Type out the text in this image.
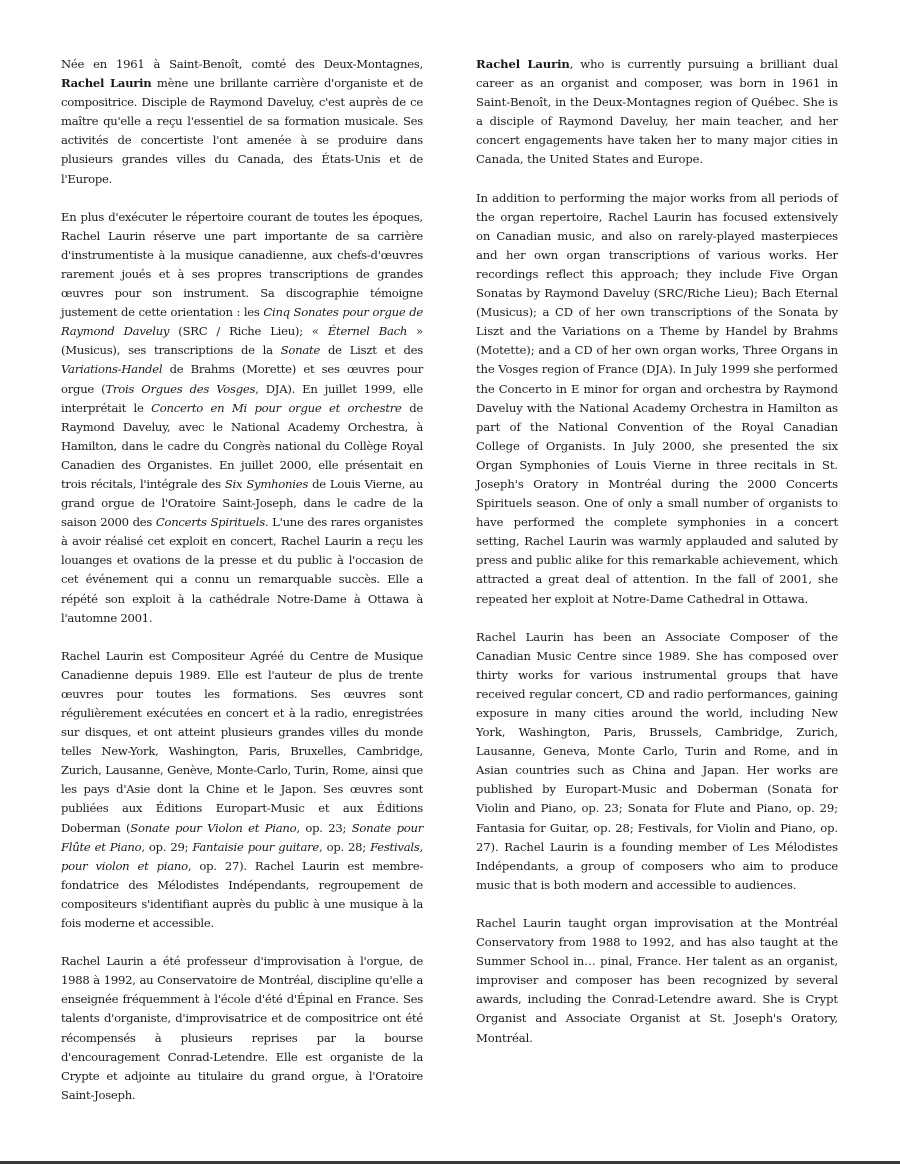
Née en 1961 à Saint-Benoît, comté des Deux-Montagnes, Rachel Laurin mène une brillante carrière d'organiste et de compositrice. Disciple de Raymond Daveluy, c'est auprès de ce maître qu'elle a reçu l'essentiel de sa formation musicale. Ses activités de concertiste l'ont amenée à se produire dans plusieurs grandes villes du Canada, des États-Unis et de l'Europe.

En plus d'exécuter le répertoire courant de toutes les époques, Rachel Laurin réserve une part importante de sa carrière d'instrumentiste à la musique canadienne, aux chefs-d'œuvres rarement joués et à ses propres transcriptions de grandes œuvres pour son instrument. Sa discographie témoigne justement de cette orientation : les Cinq Sonates pour orgue de Raymond Daveluy (SRC / Riche Lieu); « Éternel Bach » (Musicus), ses transcriptions de la Sonate de Liszt et des Variations-Handel de Brahms (Morette) et ses œuvres pour orgue (Trois Orgues des Vosges, DJA). En juillet 1999, elle interprétait le Concerto en Mi pour orgue et orchestre de Raymond Daveluy, avec le National Academy Orchestra, à Hamilton, dans le cadre du Congrès national du Collège Royal Canadien des Organistes. En juillet 2000, elle présentait en trois récitals, l'intégrale des Six Symhonies de Louis Vierne, au grand orgue de l'Oratoire Saint-Joseph, dans le cadre de la saison 2000 des Concerts Spirituels. L'une des rares organistes à avoir réalisé cet exploit en concert, Rachel Laurin a reçu les louanges et ovations de la presse et du public à l'occasion de cet événement qui a connu un remarquable succès. Elle a répété son exploit à la cathédrale Notre-Dame à Ottawa à l'automne 2001.

Rachel Laurin est Compositeur Agréé du Centre de Musique Canadienne depuis 1989. Elle est l'auteur de plus de trente œuvres pour toutes les formations. Ses œuvres sont régulièrement exécutées en concert et à la radio, enregistrées sur disques, et ont atteint plusieurs grandes villes du monde telles New-York, Washington, Paris, Bruxelles, Cambridge, Zurich, Lausanne, Genève, Monte-Carlo, Turin, Rome, ainsi que les pays d'Asie dont la Chine et le Japon. Ses œuvres sont publiées aux Éditions Europart-Music et aux Éditions Doberman (Sonate pour Violon et Piano, op. 23; Sonate pour Flûte et Piano, op. 29; Fantaisie pour guitare, op. 28; Festivals, pour violon et piano, op. 27). Rachel Laurin est membre-fondatrice des Mélodistes Indépendants, regroupement de compositeurs s'identifiant auprès du public à une musique à la fois moderne et accessible.

Rachel Laurin a été professeur d'improvisation à l'orgue, de 1988 à 1992, au Conservatoire de Montréal, discipline qu'elle a enseignée fréquemment à l'école d'été d'Épinal en France. Ses talents d'organiste, d'improvisatrice et de compositrice ont été récompensés à plusieurs reprises par la bourse d'encouragement Conrad-Letendre. Elle est organiste de la Crypte et adjointe au titulaire du grand orgue, à l'Oratoire Saint-Joseph.

Rachel Laurin, who is currently pursuing a brilliant dual career as an organist and composer, was born in 1961 in Saint-Benoît, in the Deux-Montagnes region of Québec. She is a disciple of Raymond Daveluy, her main teacher, and her concert engagements have taken her to many major cities in Canada, the United States and Europe.

In addition to performing the major works from all periods of the organ repertoire, Rachel Laurin has focused extensively on Canadian music, and also on rarely-played masterpieces and her own organ transcriptions of various works. Her recordings reflect this approach; they include Five Organ Sonatas by Raymond Daveluy (SRC/Riche Lieu); Bach Eternal (Musicus); a CD of her own transcriptions of the Sonata by Liszt and the Variations on a Theme by Handel by Brahms (Motette); and a CD of her own organ works, Three Organs in the Vosges region of France (DJA). In July 1999 she performed the Concerto in E minor for organ and orchestra by Raymond Daveluy with the National Academy Orchestra in Hamilton as part of the National Convention of the Royal Canadian College of Organists. In July 2000, she presented the six Organ Symphonies of Louis Vierne in three recitals in St. Joseph's Oratory in Montréal during the 2000 Concerts Spirituels season. One of only a small number of organists to have performed the complete symphonies in a concert setting, Rachel Laurin was warmly applauded and saluted by press and public alike for this remarkable achievement, which attracted a great deal of attention. In the fall of 2001, she repeated her exploit at Notre-Dame Cathedral in Ottawa.

Rachel Laurin has been an Associate Composer of the Canadian Music Centre since 1989. She has composed over thirty works for various instrumental groups that have received regular concert, CD and radio performances, gaining exposure in many cities around the world, including New York, Washington, Paris, Brussels, Cambridge, Zurich, Lausanne, Geneva, Monte Carlo, Turin and Rome, and in Asian countries such as China and Japan. Her works are published by Europart-Music and Doberman (Sonata for Violin and Piano, op. 23; Sonata for Flute and Piano, op. 29; Fantasia for Guitar, op. 28; Festivals, for Violin and Piano, op. 27). Rachel Laurin is a founding member of Les Mélodistes Indépendants, a group of composers who aim to produce music that is both modern and accessible to audiences.

Rachel Laurin taught organ improvisation at the Montréal Conservatory from 1988 to 1992, and has also taught at the Summer School in… pinal, France. Her talent as an organist, improviser and composer has been recognized by several awards, including the Conrad-Letendre award. She is Crypt Organist and Associate Organist at St. Joseph's Oratory, Montréal.
